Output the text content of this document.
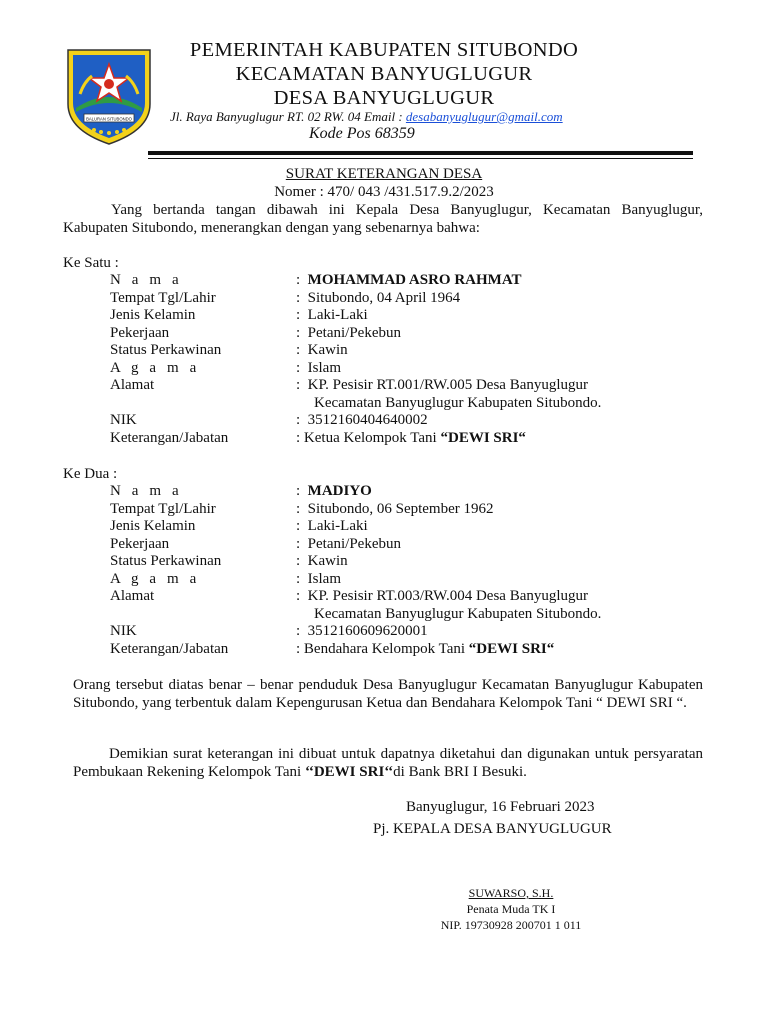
BALURAN SITUBONDO
PEMERINTAH KABUPATEN SITUBONDO
KECAMATAN BANYUGLUGUR
DESA BANYUGLUGUR
Jl. Raya Banyuglugur RT. 02 RW. 04 Email : desabanyuglugur@gmail.com
Kode Pos 68359
SURAT KETERANGAN DESA
Nomer : 470/ 043 /431.517.9.2/2023
Yang bertanda tangan dibawah ini Kepala Desa Banyuglugur, Kecamatan Banyuglugur, Kabupaten Situbondo, menerangkan dengan yang sebenarnya bahwa:
Ke Satu :
N a m a	:  MOHAMMAD ASRO RAHMAT
Tempat Tgl/Lahir	:  Situbondo, 04 April 1964
Jenis Kelamin	:  Laki-Laki
Pekerjaan	:  Petani/Pekebun
Status Perkawinan	:  Kawin
A g a m a	:  Islam
Alamat	:  KP. Pesisir RT.001/RW.005 Desa Banyuglugur
Kecamatan Banyuglugur Kabupaten Situbondo.
NIK	:  3512160404640002
Keterangan/Jabatan	: Ketua Kelompok Tani “DEWI SRI“
Ke Dua :
N a m a	:  MADIYO
Tempat Tgl/Lahir	:  Situbondo, 06 September 1962
Jenis Kelamin	:  Laki-Laki
Pekerjaan	:  Petani/Pekebun
Status Perkawinan	:  Kawin
A g a m a	:  Islam
Alamat	:  KP. Pesisir RT.003/RW.004 Desa Banyuglugur
Kecamatan Banyuglugur Kabupaten Situbondo.
NIK	:  3512160609620001
Keterangan/Jabatan	: Bendahara Kelompok Tani “DEWI SRI“
Orang tersebut diatas benar – benar penduduk Desa Banyuglugur Kecamatan Banyuglugur Kabupaten Situbondo, yang terbentuk dalam Kepengurusan Ketua dan Bendahara Kelompok Tani “ DEWI SRI “.
Demikian surat keterangan ini dibuat untuk dapatnya diketahui dan digunakan untuk persyaratan Pembukaan Rekening Kelompok Tani ‘‘DEWI SRI‘‘di Bank BRI I Besuki.
Banyuglugur, 16 Februari 2023
Pj. KEPALA DESA BANYUGLUGUR
SUWARSO, S.H.
Penata Muda TK I
NIP. 19730928 200701 1 011
